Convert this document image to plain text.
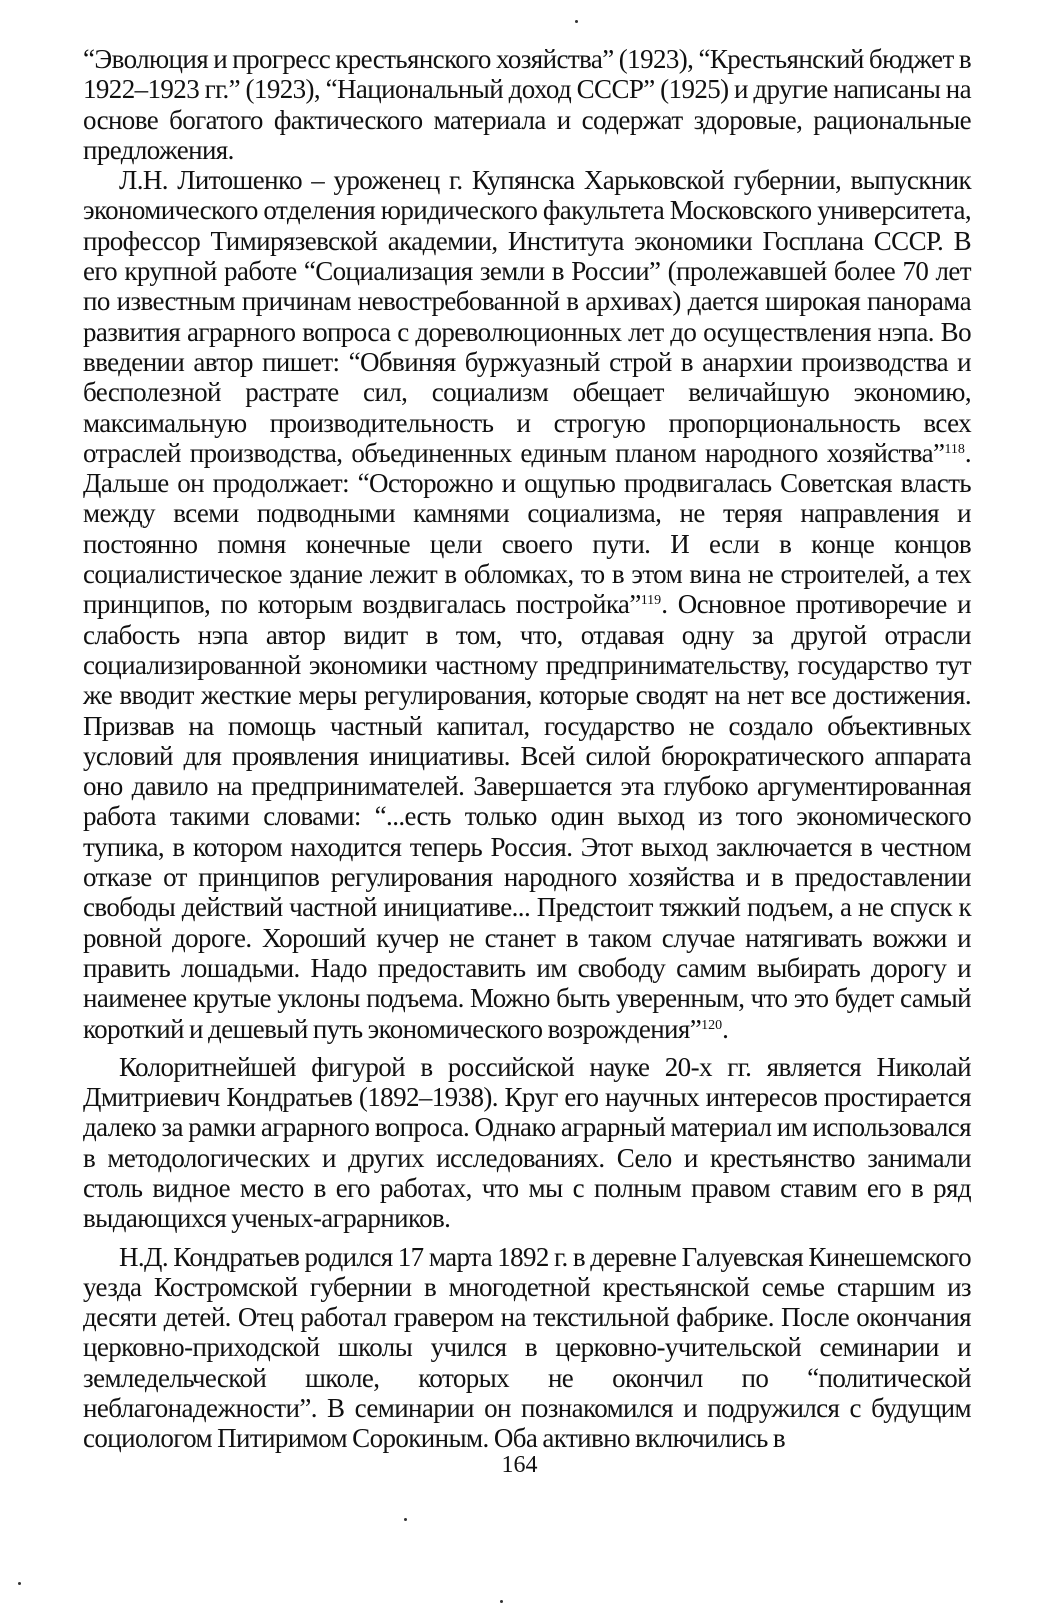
“Эволюция и прогресс крестьянского хозяйства” (1923), “Крестьянский бюджет в 1922–1923 гг.” (1923), “Национальный доход СССР” (1925) и другие написаны на основе богатого фактического материала и содержат здоровые, рациональные предложения.

Л.Н. Литошенко – уроженец г. Купянска Харьковской губернии, выпускник экономического отделения юридического факультета Московского университета, профессор Тимирязевской академии, Института экономики Госплана СССР. В его крупной работе “Социализация земли в России” (пролежавшей более 70 лет по известным причинам невостребованной в архивах) дается широкая панорама развития аграрного вопроса с дореволюционных лет до осуществления нэпа. Во введении автор пишет: “Обвиняя буржуазный строй в анархии производства и бесполезной растрате сил, социализм обещает величайшую экономию, максимальную производительность и строгую пропорциональность всех отраслей производства, объединенных единым планом народного хозяйства”$^{118}$. Дальше он продолжает: “Осторожно и ощупью продвигалась Советская власть между всеми подводными камнями социализма, не теряя направления и постоянно помня конечные цели своего пути. И если в конце концов социалистическое здание лежит в обломках, то в этом вина не строителей, а тех принципов, по которым воздвигалась постройка”$^{119}$. Основное противоречие и слабость нэпа автор видит в том, что, отдавая одну за другой отрасли социализированной экономики частному предпринимательству, государство тут же вводит жесткие меры регулирования, которые сводят на нет все достижения. Призвав на помощь частный капитал, государство не создало объективных условий для проявления инициативы. Всей силой бюрократического аппарата оно давило на предпринимателей. Завершается эта глубоко аргументированная работа такими словами: “...есть только один выход из того экономического тупика, в котором находится теперь Россия. Этот выход заключается в честном отказе от принципов регулирования народного хозяйства и в предоставлении свободы действий частной инициативе... Предстоит тяжкий подъем, а не спуск к ровной дороге. Хороший кучер не станет в таком случае натягивать вожжи и править лошадьми. Надо предоставить им свободу самим выбирать дорогу и наименее крутые уклоны подъема. Можно быть уверенным, что это будет самый короткий и дешевый путь экономического возрождения”$^{120}$.

Колоритнейшей фигурой в российской науке 20-х гг. является Николай Дмитриевич Кондратьев (1892–1938). Круг его научных интересов простирается далеко за рамки аграрного вопроса. Однако аграрный материал им использовался в методологических и других исследованиях. Село и крестьянство занимали столь видное место в его работах, что мы с полным правом ставим его в ряд выдающихся ученых-аграрников.

Н.Д. Кондратьев родился 17 марта 1892 г. в деревне Галуевская Кинешемского уезда Костромской губернии в многодетной крестьянской семье старшим из десяти детей. Отец работал гравером на текстильной фабрике. После окончания церковно-приходской школы учился в церковно-учительской семинарии и земледельческой школе, которых не окончил по “политической неблагонадежности”. В семинарии он познакомился и подружился с будущим социологом Питиримом Сорокиным. Оба активно включились в

164
